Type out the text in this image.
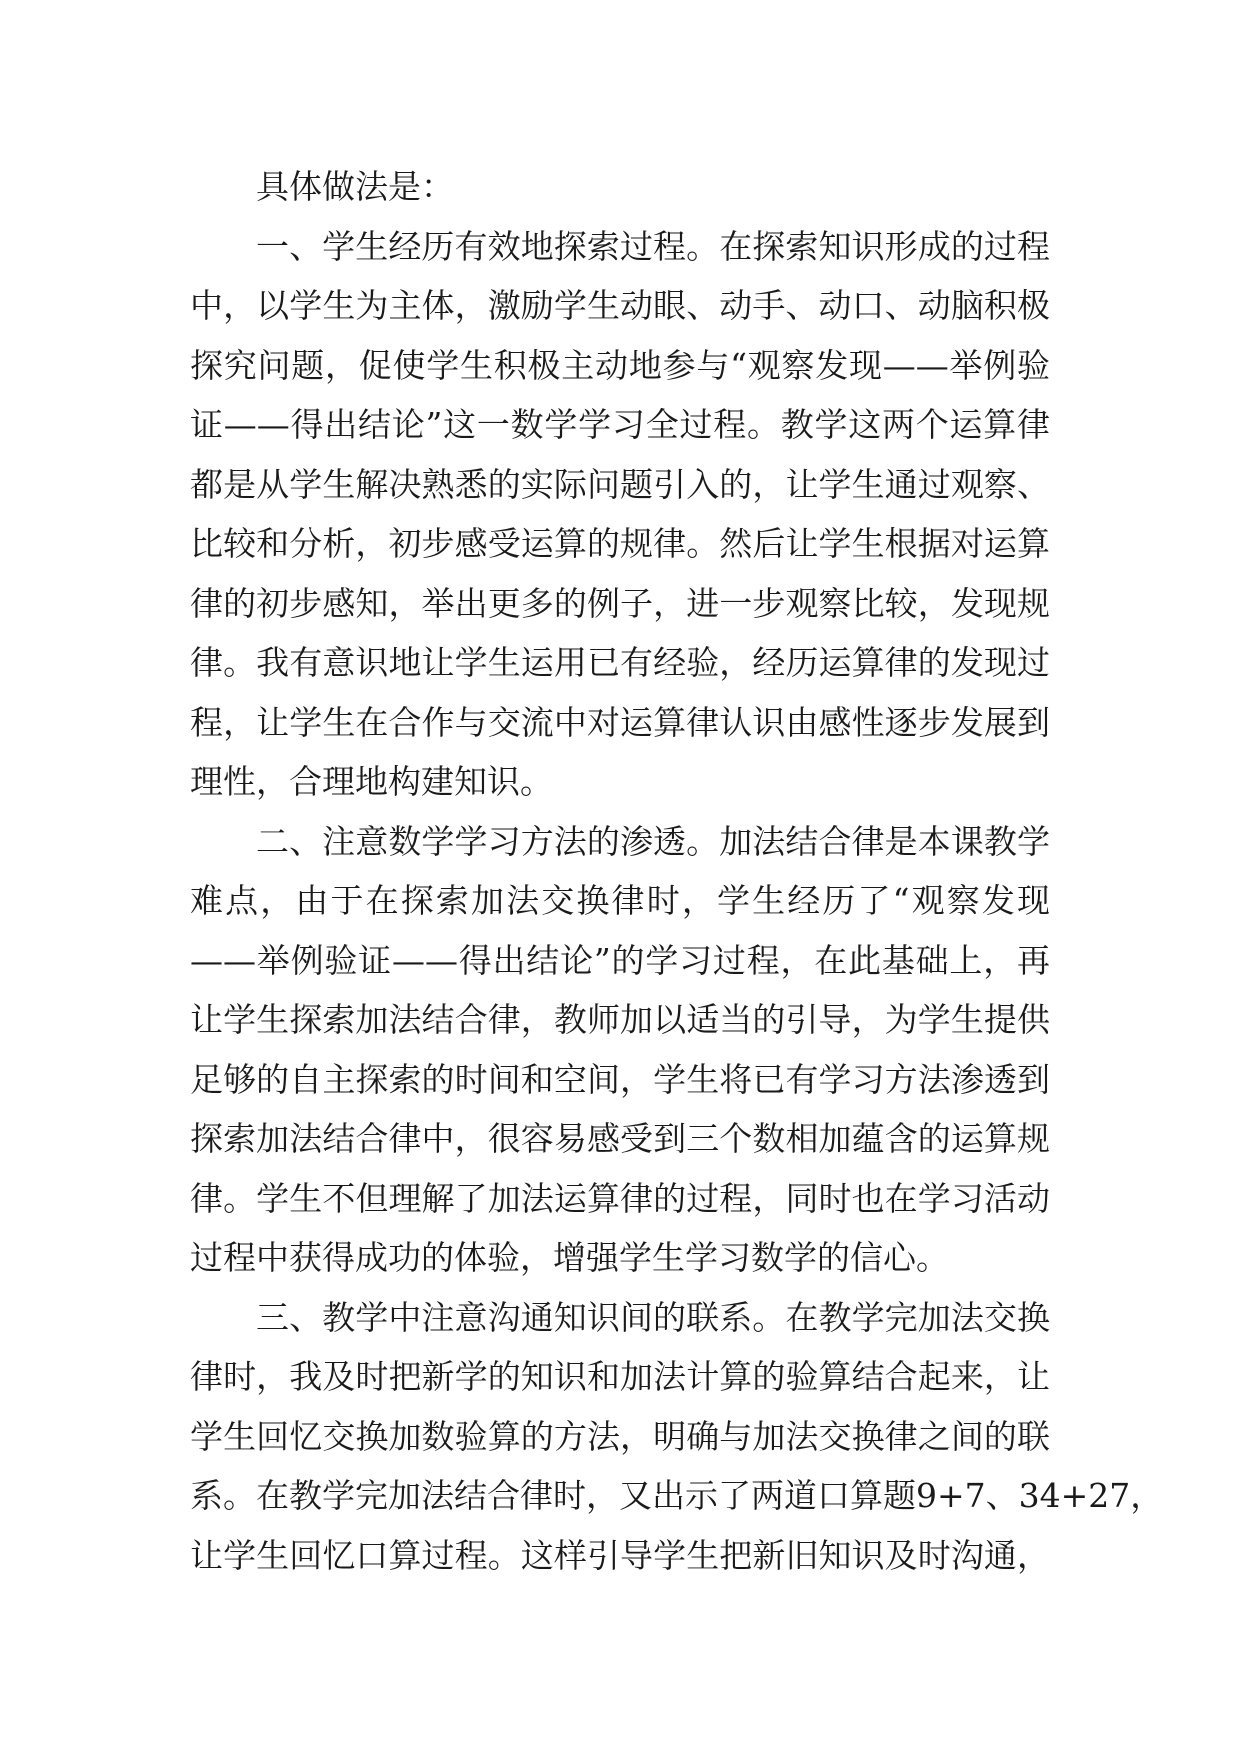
具体做法是：
一、学生经历有效地探索过程。在探索知识形成的过程
中，以学生为主体，激励学生动眼、动手、动口、动脑积极
探究问题，促使学生积极主动地参与“观察发现——举例验
证——得出结论”这一数学学习全过程。教学这两个运算律
都是从学生解决熟悉的实际问题引入的，让学生通过观察、
比较和分析，初步感受运算的规律。然后让学生根据对运算
律的初步感知，举出更多的例子，进一步观察比较，发现规
律。我有意识地让学生运用已有经验，经历运算律的发现过
程，让学生在合作与交流中对运算律认识由感性逐步发展到
理性，合理地构建知识。
二、注意数学学习方法的渗透。加法结合律是本课教学
难点，由于在探索加法交换律时，学生经历了“观察发现
——举例验证——得出结论”的学习过程，在此基础上，再
让学生探索加法结合律，教师加以适当的引导，为学生提供
足够的自主探索的时间和空间，学生将已有学习方法渗透到
探索加法结合律中，很容易感受到三个数相加蕴含的运算规
律。学生不但理解了加法运算律的过程，同时也在学习活动
过程中获得成功的体验，增强学生学习数学的信心。
三、教学中注意沟通知识间的联系。在教学完加法交换
律时，我及时把新学的知识和加法计算的验算结合起来，让
学生回忆交换加数验算的方法，明确与加法交换律之间的联
系。在教学完加法结合律时，又出示了两道口算题9+7、34+27，
让学生回忆口算过程。这样引导学生把新旧知识及时沟通，
